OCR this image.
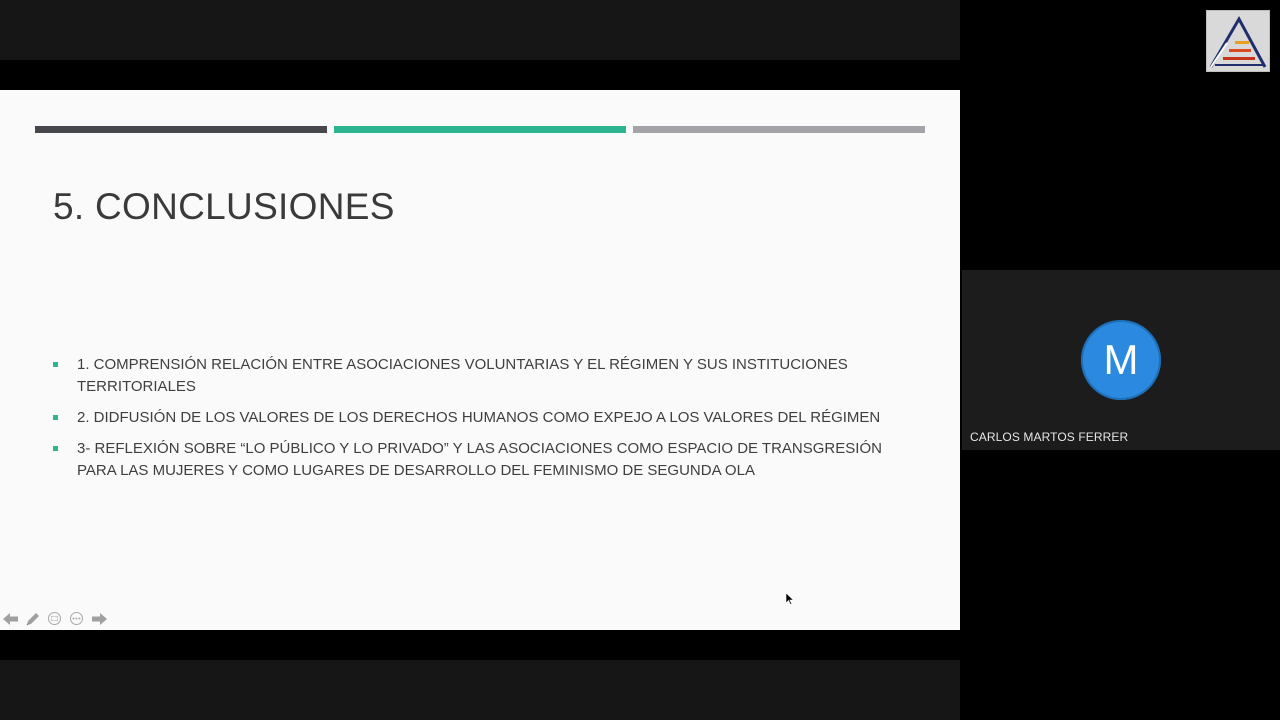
5. CONCLUSIONES
1. COMPRENSIÓN RELACIÓN ENTRE ASOCIACIONES VOLUNTARIAS Y EL RÉGIMEN Y SUS INSTITUCIONES TERRITORIALES
2. DIDFUSIÓN DE LOS VALORES DE LOS DERECHOS HUMANOS COMO EXPEJO A LOS VALORES DEL RÉGIMEN
3- REFLEXIÓN SOBRE “LO PÚBLICO Y LO PRIVADO” Y LAS ASOCIACIONES COMO ESPACIO DE TRANSGRESIÓN PARA LAS MUJERES Y COMO LUGARES DE DESARROLLO DEL FEMINISMO DE SEGUNDA OLA
M
CARLOS MARTOS FERRER
